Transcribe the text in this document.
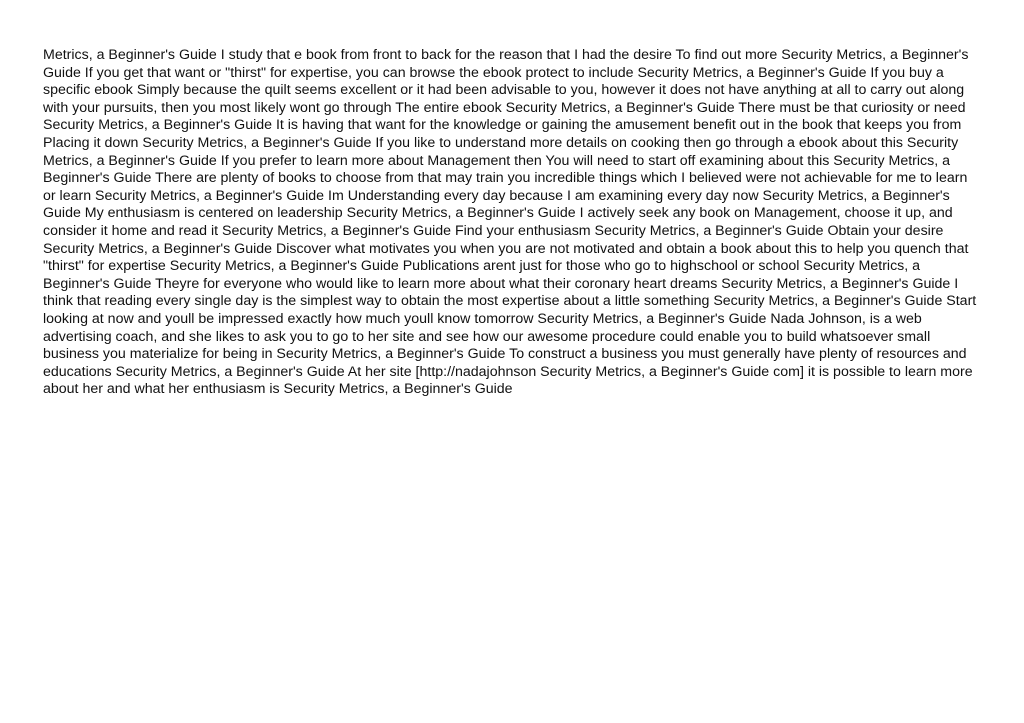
Metrics, a Beginner's Guide I study that e book from front to back for the reason that I had the desire To find out more Security Metrics, a Beginner's Guide If you get that want or "thirst" for expertise, you can browse the ebook protect to include Security Metrics, a Beginner's Guide If you buy a specific ebook Simply because the quilt seems excellent or it had been advisable to you, however it does not have anything at all to carry out along with your pursuits, then you most likely wont go through The entire ebook Security Metrics, a Beginner's Guide There must be that curiosity or need Security Metrics, a Beginner's Guide It is having that want for the knowledge or gaining the amusement benefit out in the book that keeps you from Placing it down Security Metrics, a Beginner's Guide If you like to understand more details on cooking then go through a ebook about this Security Metrics, a Beginner's Guide If you prefer to learn more about Management then You will need to start off examining about this Security Metrics, a Beginner's Guide There are plenty of books to choose from that may train you incredible things which I believed were not achievable for me to learn or learn Security Metrics, a Beginner's Guide Im Understanding every day because I am examining every day now Security Metrics, a Beginner's Guide My enthusiasm is centered on leadership Security Metrics, a Beginner's Guide I actively seek any book on Management, choose it up, and consider it home and read it Security Metrics, a Beginner's Guide Find your enthusiasm Security Metrics, a Beginner's Guide Obtain your desire Security Metrics, a Beginner's Guide Discover what motivates you when you are not motivated and obtain a book about this to help you quench that "thirst" for expertise Security Metrics, a Beginner's Guide Publications arent just for those who go to highschool or school Security Metrics, a Beginner's Guide Theyre for everyone who would like to learn more about what their coronary heart dreams Security Metrics, a Beginner's Guide I think that reading every single day is the simplest way to obtain the most expertise about a little something Security Metrics, a Beginner's Guide Start looking at now and youll be impressed exactly how much youll know tomorrow Security Metrics, a Beginner's Guide Nada Johnson, is a web advertising coach, and she likes to ask you to go to her site and see how our awesome procedure could enable you to build whatsoever small business you materialize for being in Security Metrics, a Beginner's Guide To construct a business you must generally have plenty of resources and educations Security Metrics, a Beginner's Guide At her site [http://nadajohnson Security Metrics, a Beginner's Guide com] it is possible to learn more about her and what her enthusiasm is Security Metrics, a Beginner's Guide
